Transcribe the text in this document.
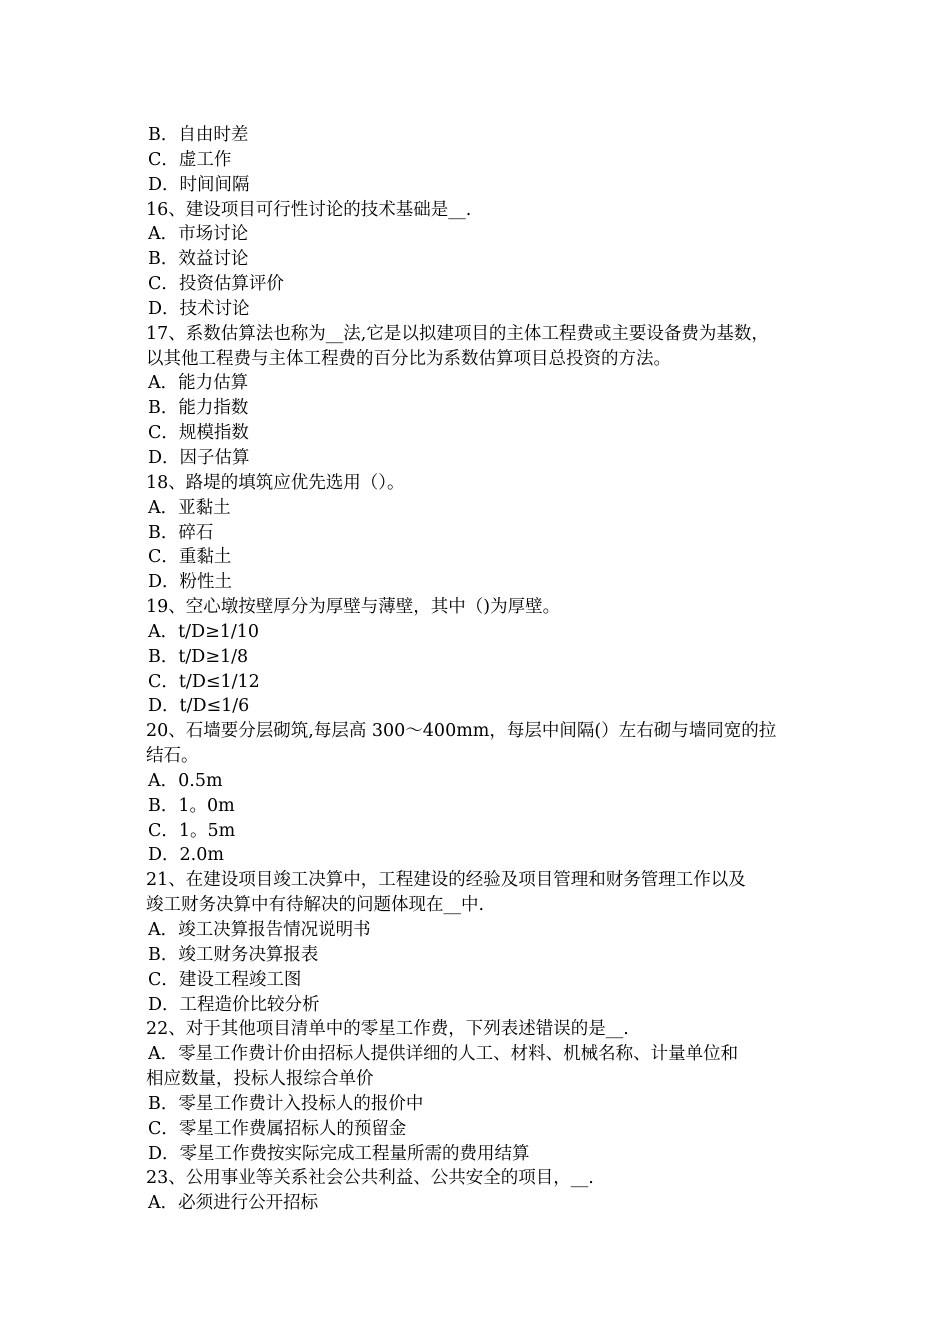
B．自由时差
C．虚工作
D．时间间隔
16、建设项目可行性讨论的技术基础是__.
A．市场讨论
B．效益讨论
C．投资估算评价
D．技术讨论
17、系数估算法也称为__法,它是以拟建项目的主体工程费或主要设备费为基数，
以其他工程费与主体工程费的百分比为系数估算项目总投资的方法。
A．能力估算
B．能力指数
C．规模指数
D．因子估算
18、路堤的填筑应优先选用（）。
A．亚黏土
B．碎石
C．重黏土
D．粉性土
19、空心墩按壁厚分为厚壁与薄壁，其中（)为厚壁。
A．t/D≥1/10
B．t/D≥1/8
C．t/D≤1/12
D．t/D≤1/6
20、石墙要分层砌筑,每层高 300～400mm，每层中间隔(）左右砌与墙同宽的拉
结石。
A．0.5m
B．1。0m
C．1。5m
D．2.0m
21、在建设项目竣工决算中，工程建设的经验及项目管理和财务管理工作以及
竣工财务决算中有待解决的问题体现在__中.
A．竣工决算报告情况说明书
B．竣工财务决算报表
C．建设工程竣工图
D．工程造价比较分析
22、对于其他项目清单中的零星工作费，下列表述错误的是__.
A．零星工作费计价由招标人提供详细的人工、材料、机械名称、计量单位和
相应数量，投标人报综合单价
B．零星工作费计入投标人的报价中
C．零星工作费属招标人的预留金
D．零星工作费按实际完成工程量所需的费用结算
23、公用事业等关系社会公共利益、公共安全的项目，__.
A．必须进行公开招标
